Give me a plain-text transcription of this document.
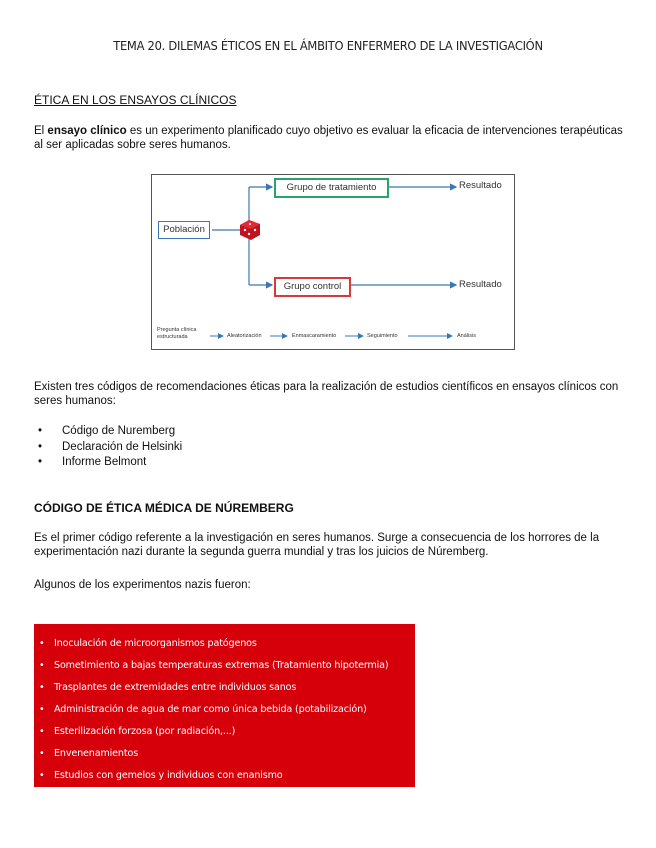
TEMA 20. DILEMAS ÉTICOS EN EL ÁMBITO ENFERMERO DE LA INVESTIGACIÓN
ÉTICA EN LOS ENSAYOS CLÍNICOS
El ensayo clínico es un experimento planificado cuyo objetivo es evaluar la eficacia de intervenciones terapéuticas al ser aplicadas sobre seres humanos.
Población
Grupo de tratamiento
Grupo control
Resultado
Resultado
Pregunta clínica estructurada	Aleatorización	Enmascaramiento	Seguimiento	Análisis
Existen tres códigos de recomendaciones éticas para la realización de estudios científicos en ensayos clínicos con seres humanos:
• Código de Nuremberg
• Declaración de Helsinki
• Informe Belmont
CÓDIGO DE ÉTICA MÉDICA DE NÚREMBERG
Es el primer código referente a la investigación en seres humanos. Surge a consecuencia de los horrores de la experimentación nazi durante la segunda guerra mundial y tras los juicios de Núremberg.
Algunos de los experimentos nazis fueron:
• Inoculación de microorganismos patógenos
• Sometimiento a bajas temperaturas extremas (Tratamiento hipotermia)
• Trasplantes de extremidades entre individuos sanos
• Administración de agua de mar como única bebida (potabilización)
• Esterilización forzosa (por radiación,...)
• Envenenamientos
• Estudios con gemelos y individuos con enanismo
